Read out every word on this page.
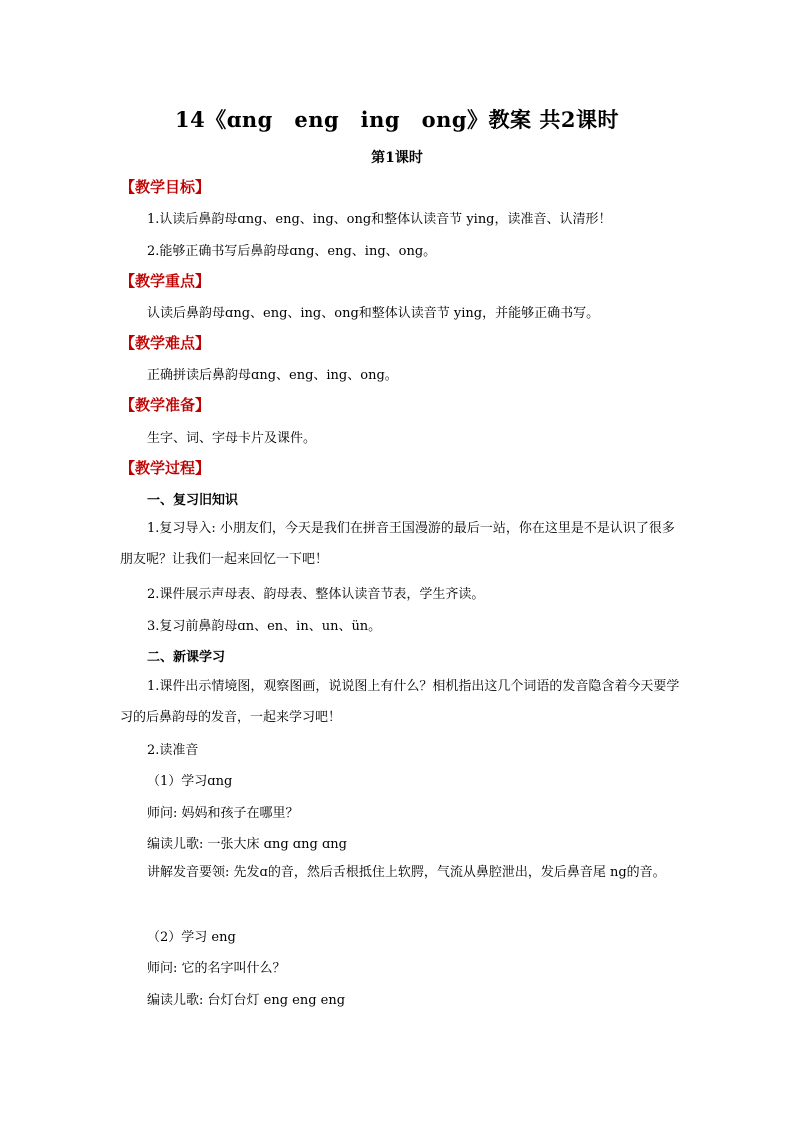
14《ɑng　eng　ing　ong》教案 共2课时
第1课时
【教学目标】
1.认读后鼻韵母ɑng、eng、ing、ong和整体认读音节 ying，读准音、认清形！
2.能够正确书写后鼻韵母ɑng、eng、ing、ong。
【教学重点】
认读后鼻韵母ɑng、eng、ing、ong和整体认读音节 ying，并能够正确书写。
【教学难点】
正确拼读后鼻韵母ɑng、eng、ing、ong。
【教学准备】
生字、词、字母卡片及课件。
【教学过程】
一、复习旧知识
1.复习导入: 小朋友们，今天是我们在拼音王国漫游的最后一站，你在这里是不是认识了很多朋友呢？让我们一起来回忆一下吧！
2.课件展示声母表、韵母表、整体认读音节表，学生齐读。
3.复习前鼻韵母ɑn、en、in、un、ün。
二、新课学习
1.课件出示情境图，观察图画，说说图上有什么？相机指出这几个词语的发音隐含着今天要学习的后鼻韵母的发音，一起来学习吧！
2.读准音
（1）学习ɑng
师问: 妈妈和孩子在哪里？
编读儿歌: 一张大床 ɑng ɑng ɑng
讲解发音要领: 先发ɑ的音，然后舌根抵住上软腭，气流从鼻腔泄出，发后鼻音尾 ng的音。
（2）学习 eng
师问: 它的名字叫什么？
编读儿歌: 台灯台灯 eng eng eng
